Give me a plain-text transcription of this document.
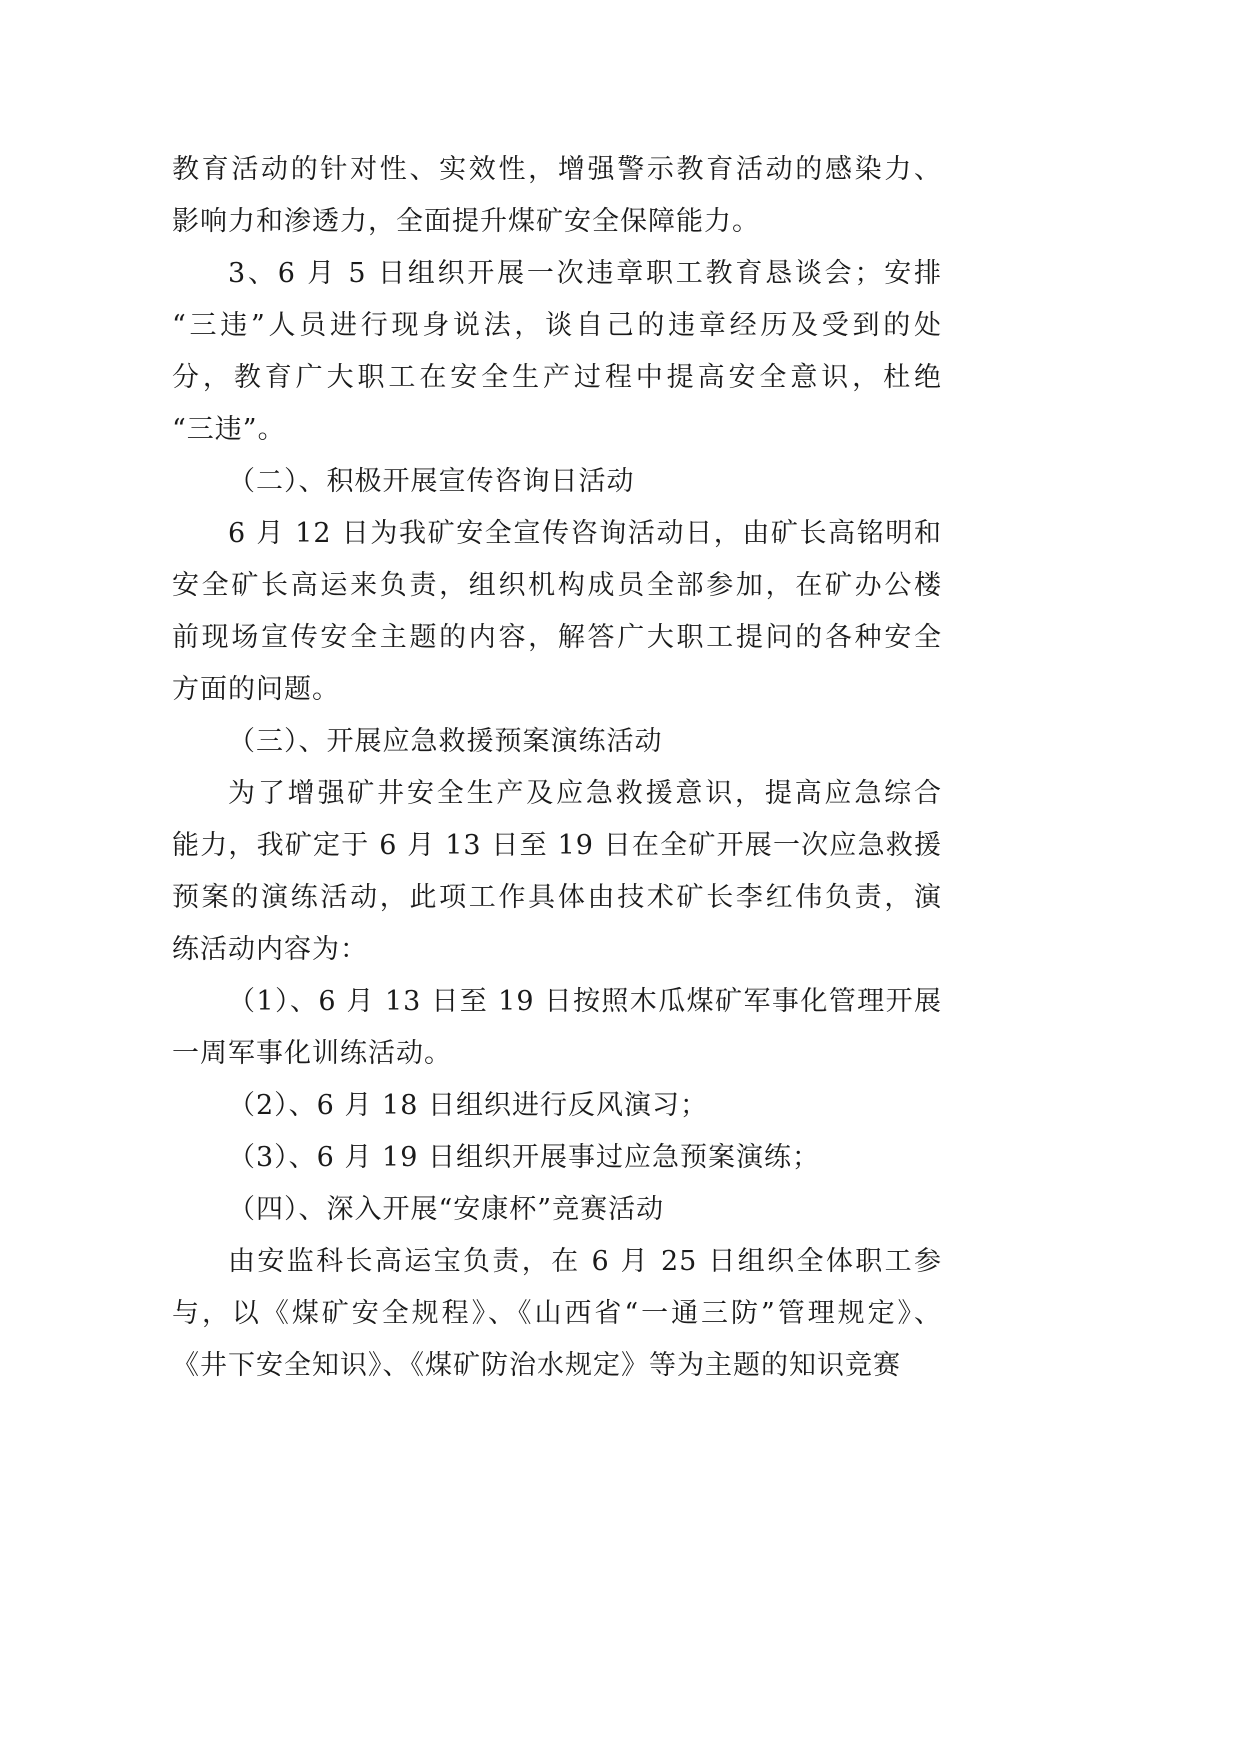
教育活动的针对性、实效性，增强警示教育活动的感染力、
影响力和渗透力，全面提升煤矿安全保障能力。
3、6 月 5 日组织开展一次违章职工教育恳谈会；安排
“三违”人员进行现身说法，谈自己的违章经历及受到的处
分，教育广大职工在安全生产过程中提高安全意识，杜绝
“三违”。
（二）、积极开展宣传咨询日活动
6 月 12 日为我矿安全宣传咨询活动日，由矿长高铭明和
安全矿长高运来负责，组织机构成员全部参加，在矿办公楼
前现场宣传安全主题的内容，解答广大职工提问的各种安全
方面的问题。
（三）、开展应急救援预案演练活动
为了增强矿井安全生产及应急救援意识，提高应急综合
能力，我矿定于 6 月 13 日至 19 日在全矿开展一次应急救援
预案的演练活动，此项工作具体由技术矿长李红伟负责，演
练活动内容为：
（1）、6 月 13 日至 19 日按照木瓜煤矿军事化管理开展
一周军事化训练活动。
（2）、6 月 18 日组织进行反风演习；
（3）、6 月 19 日组织开展事过应急预案演练；
（四）、深入开展“安康杯”竞赛活动
由安监科长高运宝负责，在 6 月 25 日组织全体职工参
与，以《煤矿安全规程》、《山西省“一通三防”管理规定》、
《井下安全知识》、《煤矿防治水规定》等为主题的知识竞赛
